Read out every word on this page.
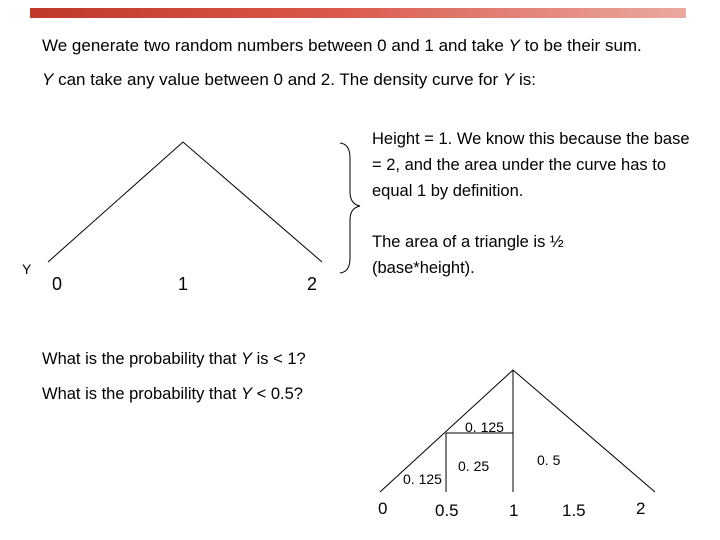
We generate two random numbers between 0 and 1 and take Y to be their sum.
Y can take any value between 0 and 2. The density curve for Y is:
Height = 1. We know this because the base = 2, and the area under the curve has to equal 1 by definition.
The area of a triangle is ½ (base*height).
What is the probability that Y is < 1?
What is the probability that Y < 0.5?
Y
0	1	2
0. 125
0. 125
0. 25	0. 5
0	0.5	1	1.5	2
